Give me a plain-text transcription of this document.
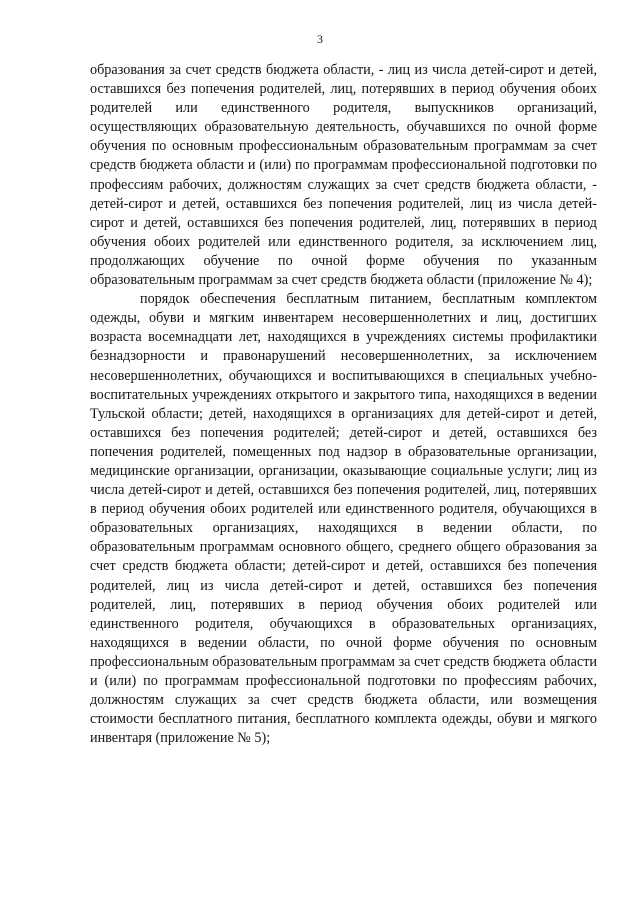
3

образования за счет средств бюджета области, - лиц из числа детей-сирот и детей, оставшихся без попечения родителей, лиц, потерявших в период обучения обоих родителей или единственного родителя, выпускников организаций, осуществляющих образовательную деятельность, обучавшихся по очной форме обучения по основным профессиональным образовательным программам за счет средств бюджета области и (или) по программам профессиональной подготовки по профессиям рабочих, должностям служащих за счет средств бюджета области, - детей-сирот и детей, оставшихся без попечения родителей, лиц из числа детей-сирот и детей, оставшихся без попечения родителей, лиц, потерявших в период обучения обоих родителей или единственного родителя, за исключением лиц, продолжающих обучение по очной форме обучения по указанным образовательным программам за счет средств бюджета области (приложение № 4);

порядок обеспечения бесплатным питанием, бесплатным комплектом одежды, обуви и мягким инвентарем несовершеннолетних и лиц, достигших возраста восемнадцати лет, находящихся в учреждениях системы профилактики безнадзорности и правонарушений несовершеннолетних, за исключением несовершеннолетних, обучающихся и воспитывающихся в специальных учебно-воспитательных учреждениях открытого и закрытого типа, находящихся в ведении Тульской области; детей, находящихся в организациях для детей-сирот и детей, оставшихся без попечения родителей; детей-сирот и детей, оставшихся без попечения родителей, помещенных под надзор в образовательные организации, медицинские организации, организации, оказывающие социальные услуги; лиц из числа детей-сирот и детей, оставшихся без попечения родителей, лиц, потерявших в период обучения обоих родителей или единственного родителя, обучающихся в образовательных организациях, находящихся в ведении области, по образовательным программам основного общего, среднего общего образования за счет средств бюджета области; детей-сирот и детей, оставшихся без попечения родителей, лиц из числа детей-сирот и детей, оставшихся без попечения родителей, лиц, потерявших в период обучения обоих родителей или единственного родителя, обучающихся в образовательных организациях, находящихся в ведении области, по очной форме обучения по основным профессиональным образовательным программам за счет средств бюджета области и (или) по программам профессиональной подготовки по профессиям рабочих, должностям служащих за счет средств бюджета области, или возмещения стоимости бесплатного питания, бесплатного комплекта одежды, обуви и мягкого инвентаря (приложение № 5);
